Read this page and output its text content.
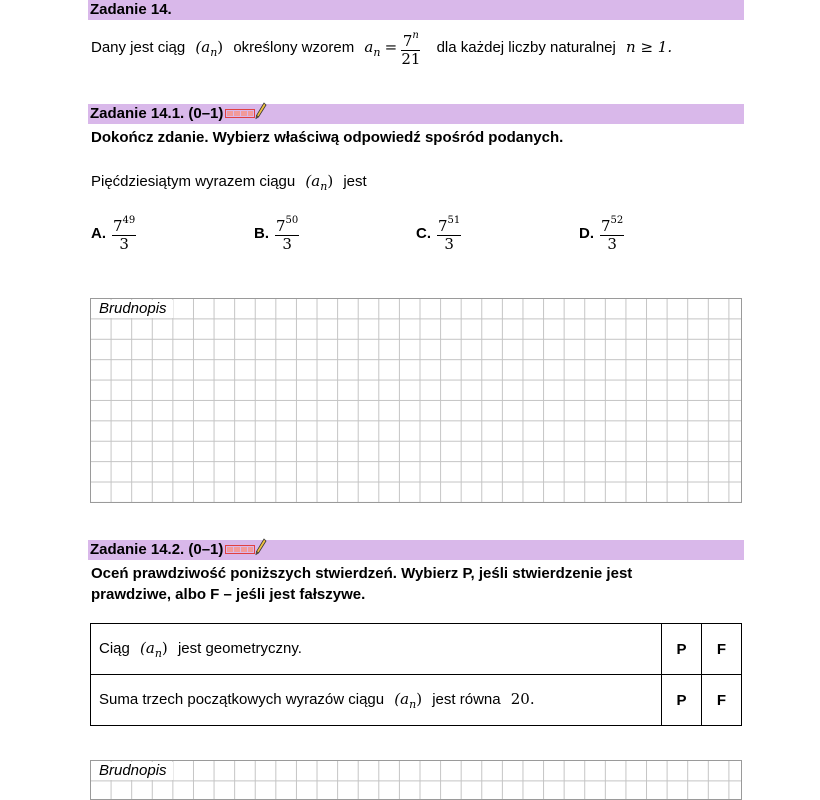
Zadanie 14.
Dany jest ciąg $(a_n)$ określony wzorem $a_n = \frac{7^n}{21}$ dla każdej liczby naturalnej n ≥ 1.
Zadanie 14.1. (0–1)
Dokończ zdanie. Wybierz właściwą odpowiedź spośród podanych.
Pięćdziesiątym wyrazem ciągu $(a_n)$ jest
A. $\frac{7^{49}}{3}$	B. $\frac{7^{50}}{3}$	C. $\frac{7^{51}}{3}$	D. $\frac{7^{52}}{3}$
Brudnopis
Zadanie 14.2. (0–1)
Oceń prawdziwość poniższych stwierdzeń. Wybierz P, jeśli stwierdzenie jest
prawdziwe, albo F – jeśli jest fałszywe.
Ciąg $(a_n)$ jest geometryczny.	P	F
Suma trzech początkowych wyrazów ciągu $(a_n)$ jest równa 20.	P	F
Brudnopis
